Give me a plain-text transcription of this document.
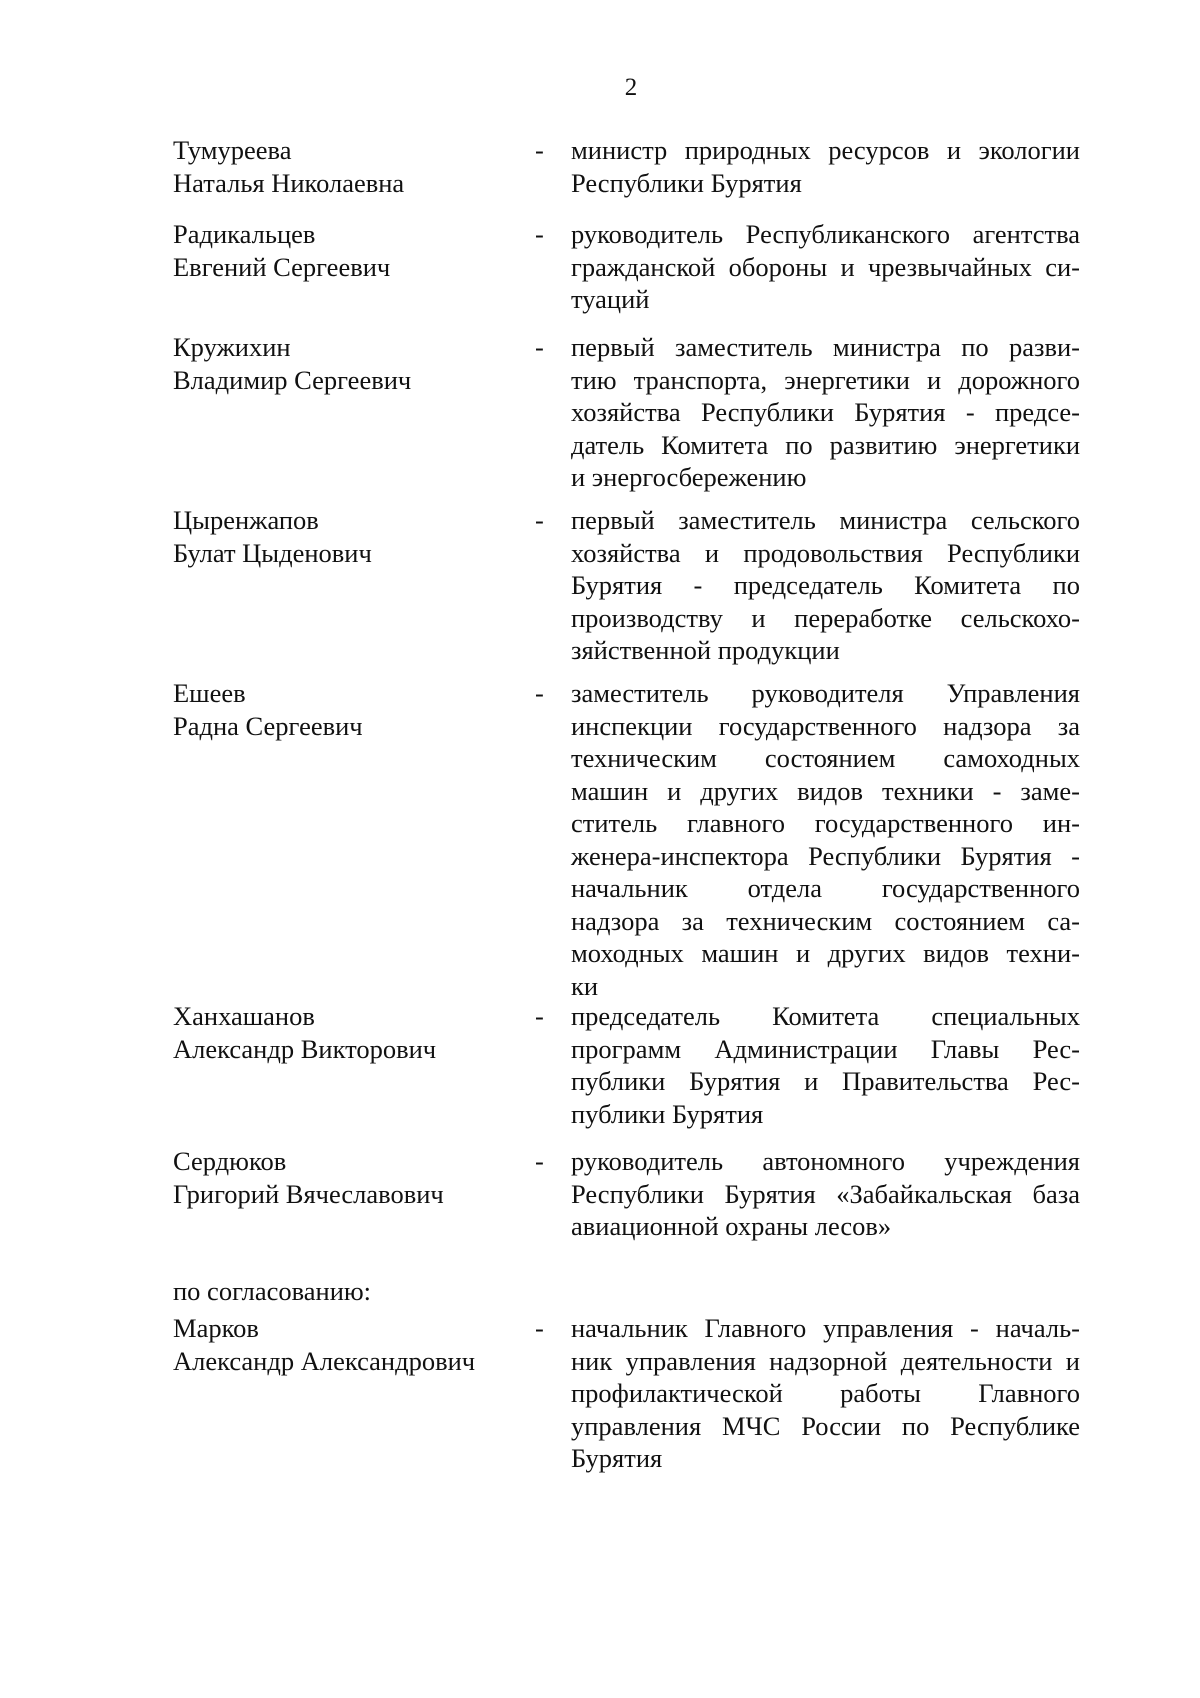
2
Тумуреева
Наталья Николаевна
- министр природных ресурсов и экологии
Республики Бурятия
Радикальцев
Евгений Сергеевич
- руководитель Республиканского агентства
гражданской обороны и чрезвычайных си-
туаций
Кружихин
Владимир Сергеевич
- первый заместитель министра по разви-
тию транспорта, энергетики и дорожного
хозяйства Республики Бурятия - предсе-
датель Комитета по развитию энергетики
и энергосбережению
Цыренжапов
Булат Цыденович
- первый заместитель министра сельского
хозяйства и продовольствия Республики
Бурятия - председатель Комитета по
производству и переработке сельскохо-
зяйственной продукции
Ешеев
Радна Сергеевич
- заместитель руководителя Управления
инспекции государственного надзора за
техническим состоянием самоходных
машин и других видов техники - заме-
ститель главного государственного ин-
женера-инспектора Республики Бурятия -
начальник отдела государственного
надзора за техническим состоянием са-
моходных машин и других видов техни-
ки
Ханхашанов
Александр Викторович
- председатель Комитета специальных
программ Администрации Главы Рес-
публики Бурятия и Правительства Рес-
публики Бурятия
Сердюков
Григорий Вячеславович
- руководитель автономного учреждения
Республики Бурятия «Забайкальская база
авиационной охраны лесов»
Марков
Александр Александрович
- начальник Главного управления - началь-
ник управления надзорной деятельности и
профилактической работы Главного
управления МЧС России по Республике
Бурятия
по согласованию:
